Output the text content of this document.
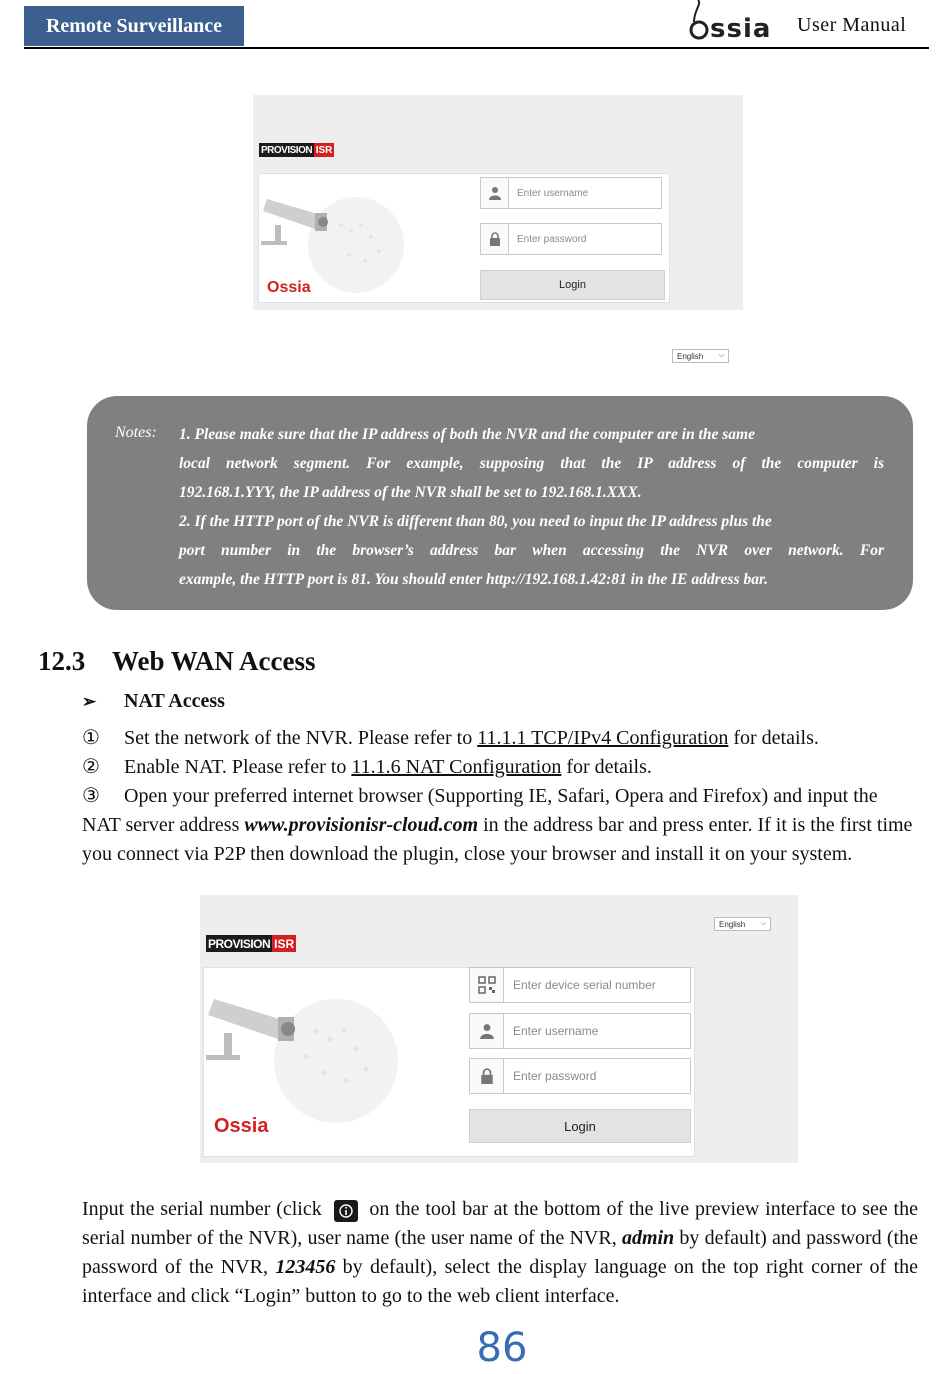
Remote Surveillance	ssia User Manual
PROVISION ISR
Ossia
Enter username
Enter password
Login
English ⌵
Notes: 1. Please make sure that the IP address of both the NVR and the computer are in the same

local network segment. For example, supposing that the IP address of the computer is

192.168.1.YYY, the IP address of the NVR shall be set to 192.168.1.XXX.

2. If the HTTP port of the NVR is different than 80, you need to input the IP address plus the

port number in the browser’s address bar when accessing the NVR over network. For

example, the HTTP port is 81. You should enter http://192.168.1.42:81 in the IE address bar.

12.3 Web WAN Access
➢ NAT Access
① Set the network of the NVR. Please refer to 11.1.1 TCP/IPv4 Configuration for details.
② Enable NAT. Please refer to 11.1.6 NAT Configuration for details.
③ Open your preferred internet browser (Supporting IE, Safari, Opera and Firefox) and input the NAT server address www.provisionisr-cloud.com in the address bar and press enter. If it is the first time you connect via P2P then download the plugin, close your browser and install it on your system.
PROVISION ISR
Ossia
Enter device serial number
Enter username
Enter password
Login
English ⌵
Input the serial number (click
on the tool bar at the bottom of the live preview interface to see the serial number of the NVR), user name (the user name of the NVR, admin by default) and password (the password of the NVR, 123456 by default), select the display language on the top right corner of the interface and click “Login” button to go to the web client interface.
86
